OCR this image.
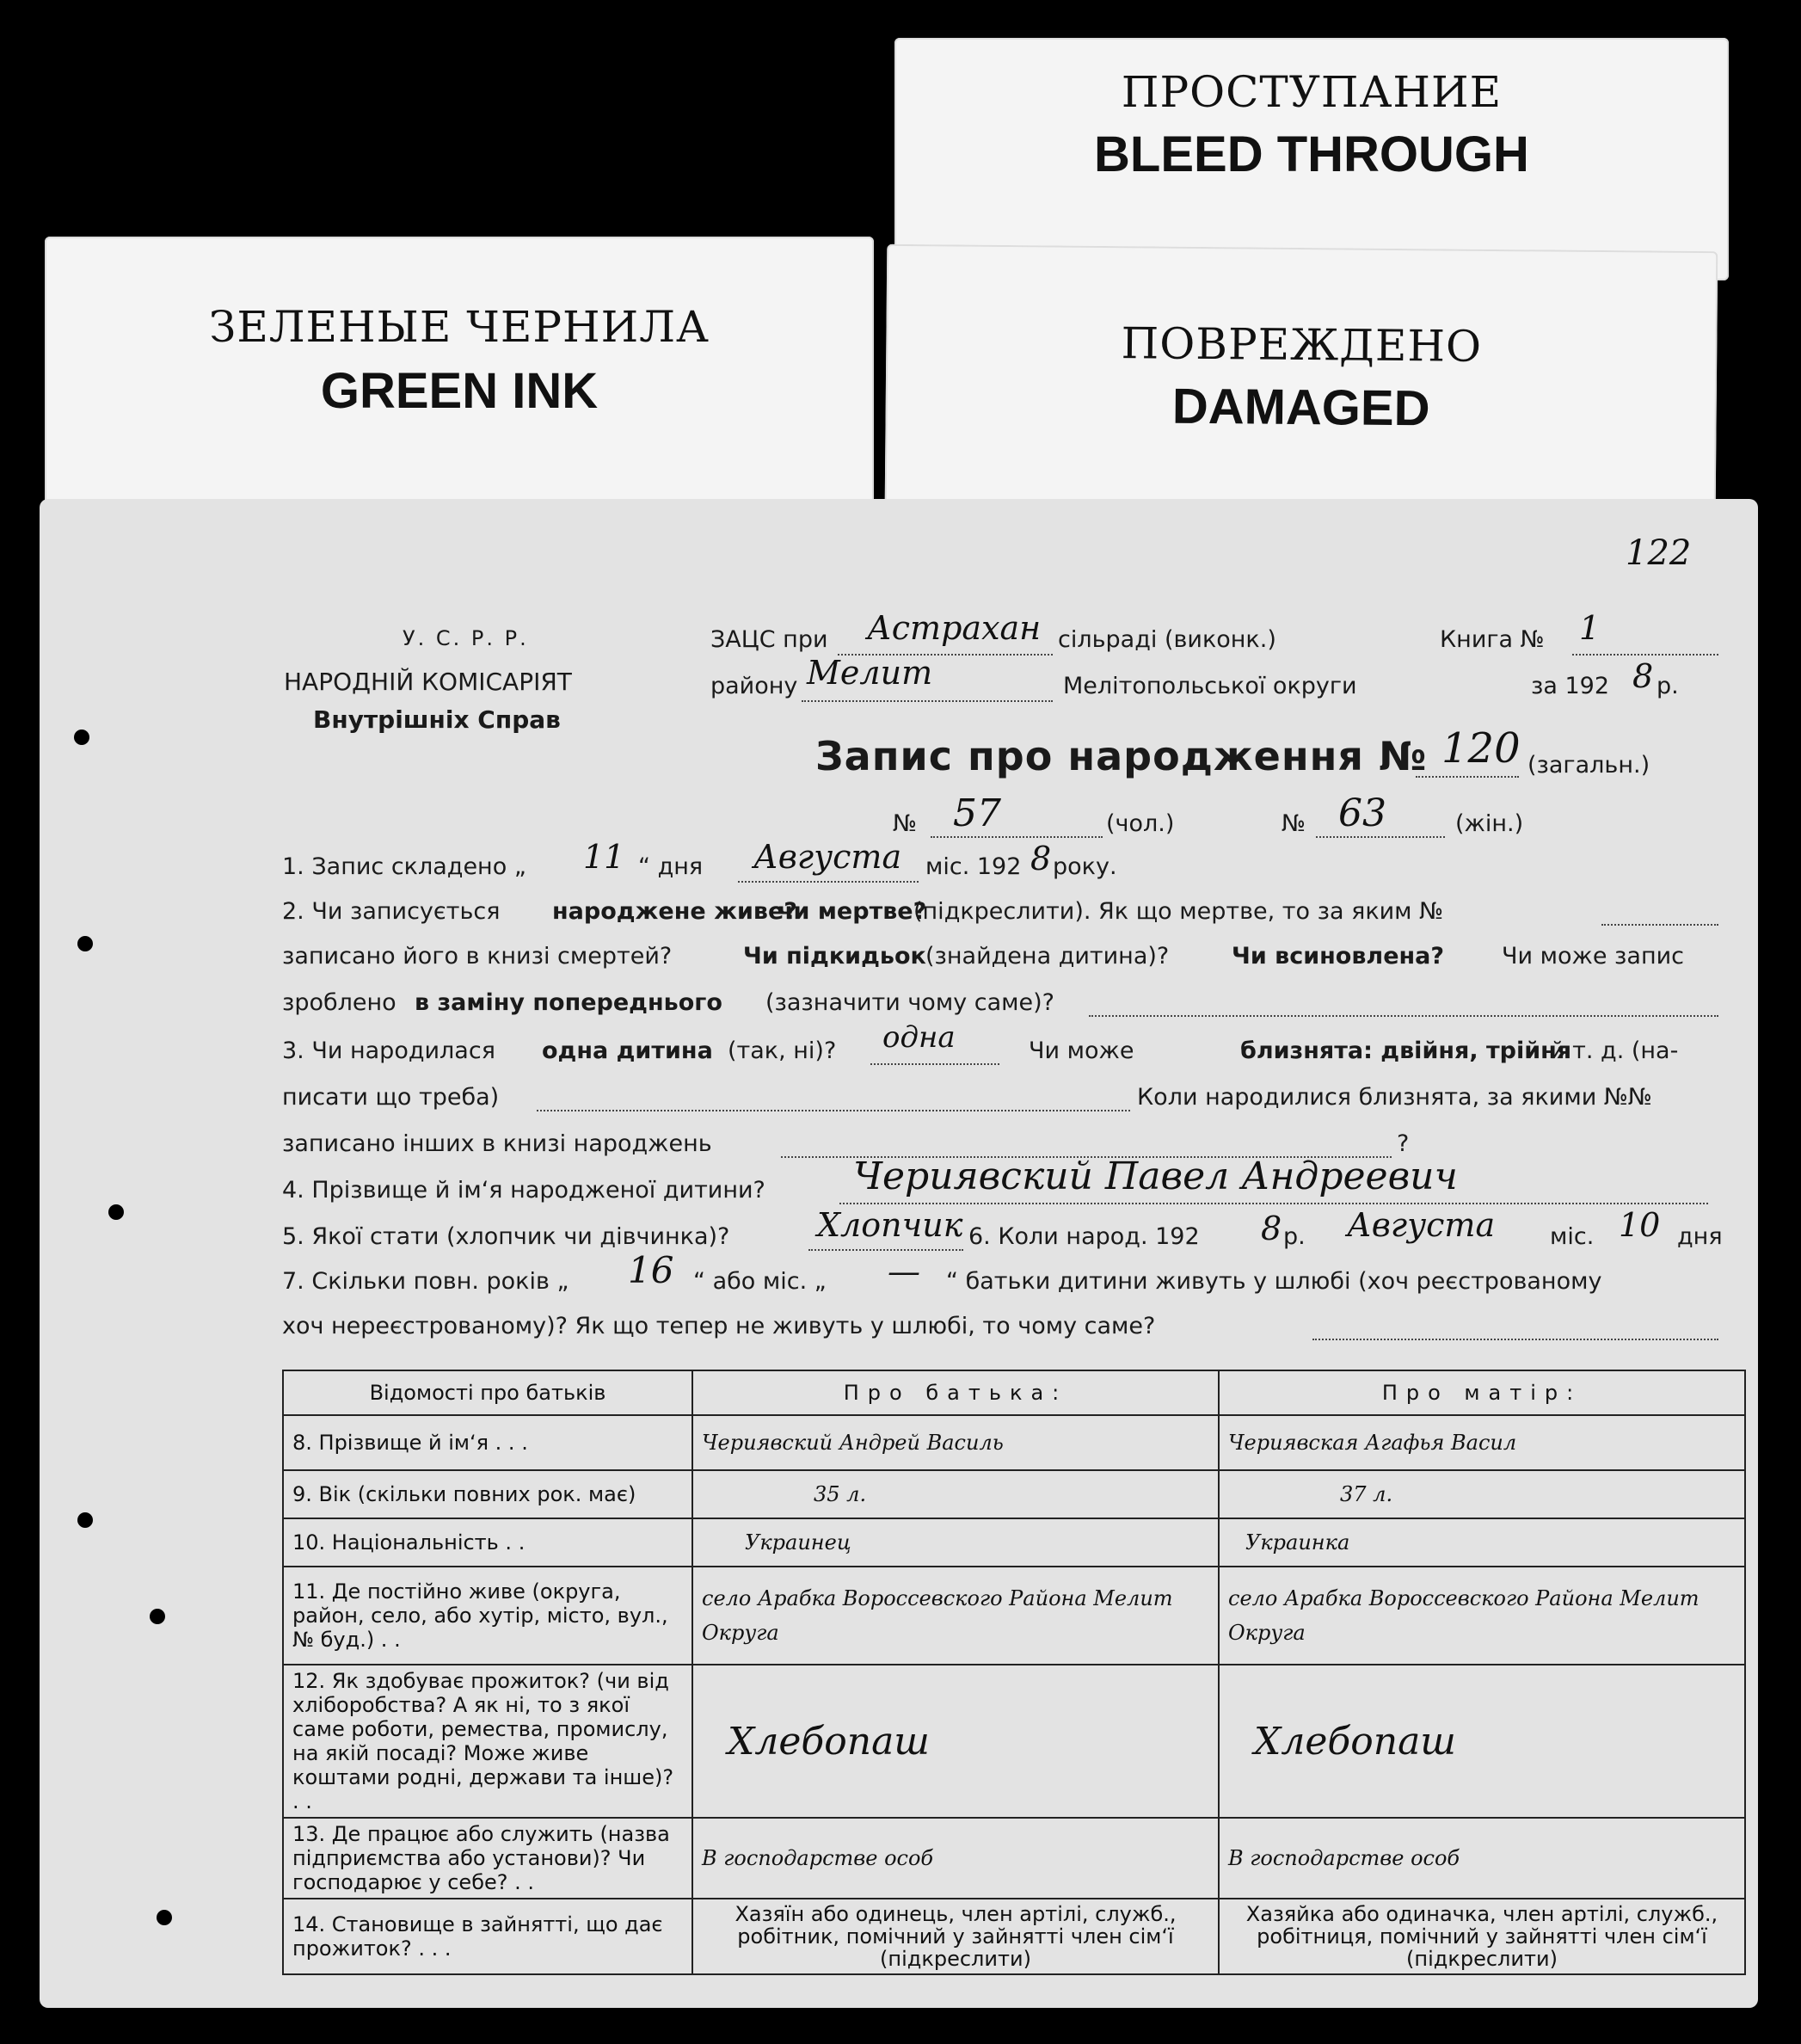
ПРОСТУПАНИЕ
BLEED THROUGH
ПОВРЕЖДЕНО
DAMAGED
ЗЕЛЕНЫЕ ЧЕРНИЛА
GREEN INK
122
У. С. Р. Р.
НАРОДНІЙ КОМІСАРІЯТ
Внутрішніх Справ
ЗАЦС при Астрахан сільраді (виконк.)	Книга № 1
району Мелит	Мелітопольської округи	за 192 8 р.
Запис про народження № 120 (загальн.)
№ 57	(чол.)	№ 63	(жін.)
1. Запис складено „ 11 “ дня Августа міс. 192 8 року.
2. Чи записується народжене живе?
чи мертве?
(підкреслити). Як що мертве, то за яким №
записано його в книзі смертей?	Чи підкидьок (знайдена дитина)?	Чи всиновлена? Чи може запис
зроблено в заміну попереднього (зазначити чому саме)?
3. Чи народилася одна дитина (так, ні)? одна	Чи може	близнята: двійня, трійня
й т. д. (на-
писати що треба)	Коли народилися близнята, за якими №№
записано інших в книзі народжень	?
4. Прізвище й ім‘я народженої дитини? Чериявский Павел Андреевич
5. Якої стати (хлопчик чи дівчинка)?	Хлопчик 6. Коли народ. 192 8 р. Августа міс. 10 дня
7. Скільки повн. років „ 16 “ або міс. „ — “ батьки дитини живуть у шлюбі (хоч реєстрованому
хоч нереєстрованому)? Як що тепер не живуть у шлюбі, то чому саме?
Відомості про батьків	Про батька:	Про матір:
8. Прізвище й ім‘я . . .	Чериявский Андрей Василь	Чериявская Агафья Васил
9. Вік (скільки повних рок. має)	35 л.	37 л.
10. Національність . .	Украинец	Украинка
11. Де постійно живе (округа, район, село, або хутір, місто, вул., № буд.) . .	село Арабка Вороссевского Района Мелит Округа	село Арабка Вороссевского Района Мелит Округа
12. Як здобуває прожиток? (чи від хліборобства? А як ні, то з якої саме роботи, ремества, промислу, на якій посаді? Може живе коштами родні, держави та інше)? . .	Хлебопаш	Хлебопаш
13. Де працює або служить (назва підприємства або установи)? Чи господарює у себе? . .	В господарстве особ	В господарстве особ
14. Становище в зайнятті, що дає прожиток? . . .	Хазяїн або одинець, член артілі, служб., робітник, помічний у зайнятті член сім‘ї (підкреслити)	Хазяйка або одиначка, член артілі, служб., робітниця, помічний у зайнятті член сім‘ї (підкреслити)
